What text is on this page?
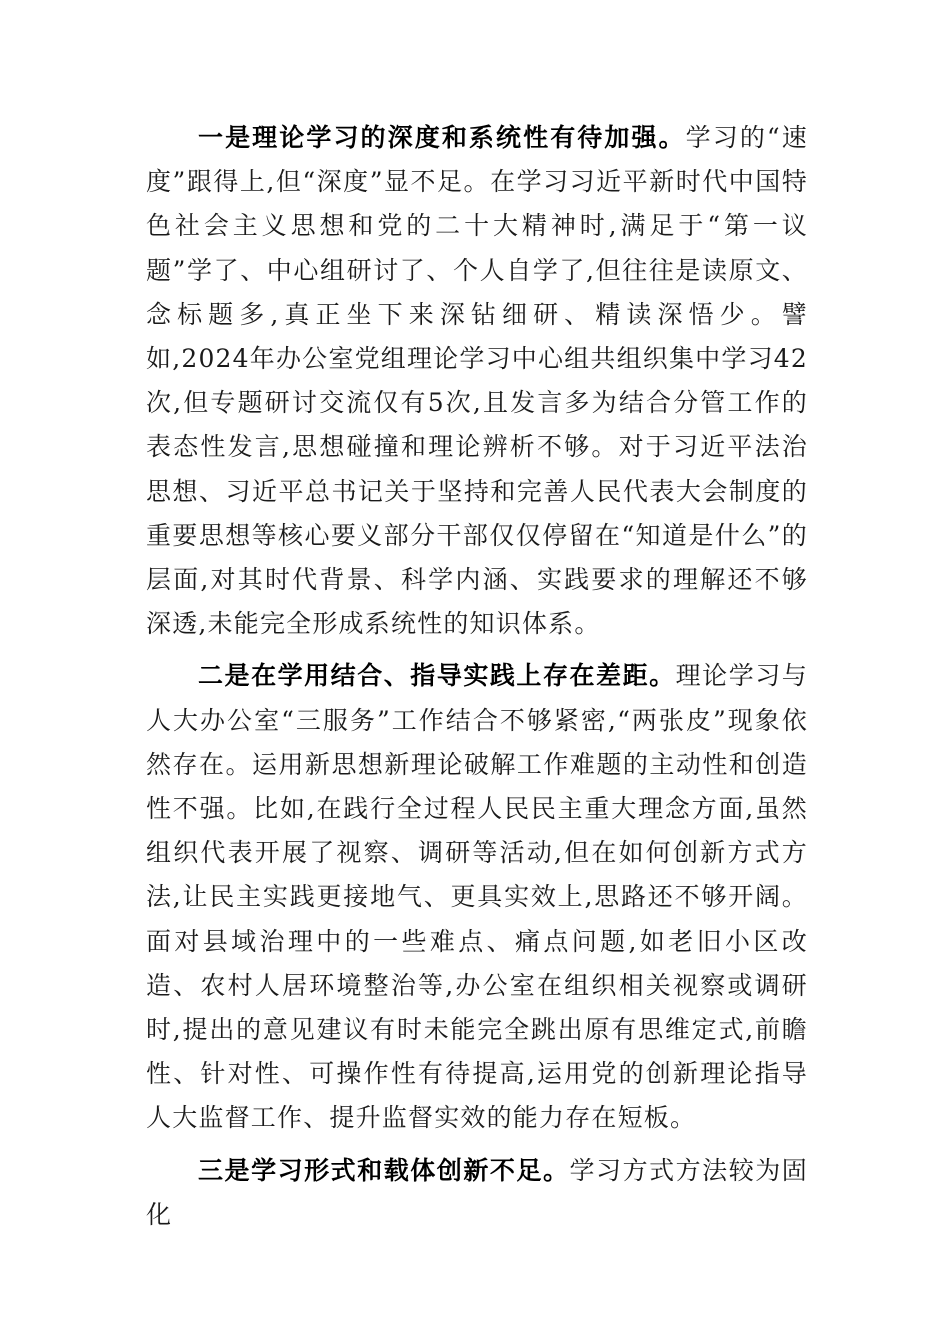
一是理论学习的深度和系统性有待加强。学习的“速度”跟得上,但“深度”显不足。在学习习近平新时代中国特色社会主义思想和党的二十大精神时,满足于“第一议题”学了、中心组研讨了、个人自学了,但往往是读原文、念标题多,真正坐下来深钻细研、精读深悟少。譬如,2024年办公室党组理论学习中心组共组织集中学习42次,但专题研讨交流仅有5次,且发言多为结合分管工作的表态性发言,思想碰撞和理论辨析不够。对于习近平法治思想、习近平总书记关于坚持和完善人民代表大会制度的重要思想等核心要义部分干部仅仅停留在“知道是什么”的层面,对其时代背景、科学内涵、实践要求的理解还不够深透,未能完全形成系统性的知识体系。

二是在学用结合、指导实践上存在差距。理论学习与人大办公室“三服务”工作结合不够紧密,“两张皮”现象依然存在。运用新思想新理论破解工作难题的主动性和创造性不强。比如,在践行全过程人民民主重大理念方面,虽然组织代表开展了视察、调研等活动,但在如何创新方式方法,让民主实践更接地气、更具实效上,思路还不够开阔。面对县域治理中的一些难点、痛点问题,如老旧小区改造、农村人居环境整治等,办公室在组织相关视察或调研时,提出的意见建议有时未能完全跳出原有思维定式,前瞻性、针对性、可操作性有待提高,运用党的创新理论指导人大监督工作、提升监督实效的能力存在短板。

三是学习形式和载体创新不足。学习方式方法较为固化
